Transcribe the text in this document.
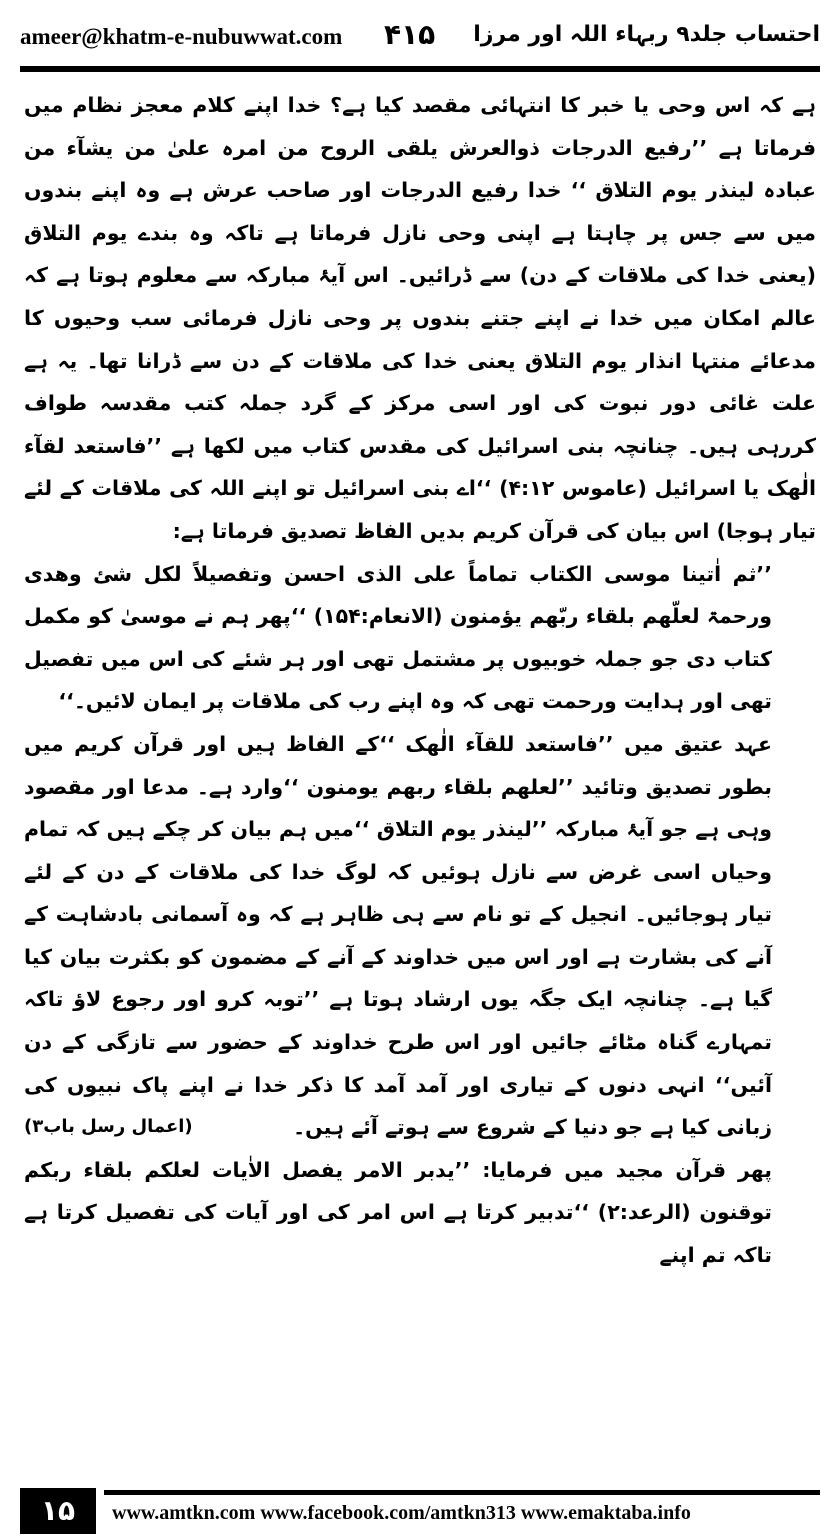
ameer@khatm-e-nubuwwat.com ۴۱۵ احتساب جلد۹ ربہاء اللہ اور مرزا

ہے کہ اس وحی یا خبر کا انتہائی مقصد کیا ہے؟ خدا اپنے کلام معجز نظام میں فرماتا ہے ’’رفیع الدرجات ذوالعرش یلقی الروح من امرہ علیٰ من یشآء من عبادہ لینذر یوم التلاق ‘‘ خدا رفیع الدرجات اور صاحب عرش ہے وہ اپنے بندوں میں سے جس پر چاہتا ہے اپنی وحی نازل فرماتا ہے تاکہ وہ بندے یوم التلاق (یعنی خدا کی ملاقات کے دن) سے ڈرائیں۔ اس آیۂ مبارکہ سے معلوم ہوتا ہے کہ عالم امکان میں خدا نے اپنے جتنے بندوں پر وحی نازل فرمائی سب وحیوں کا مدعائے منتہا انذار یوم التلاق یعنی خدا کی ملاقات کے دن سے ڈرانا تھا۔ یہ ہے علت غائی دور نبوت کی اور اسی مرکز کے گرد جملہ کتب مقدسہ طواف کررہی ہیں۔ چنانچہ بنی اسرائیل کی مقدس کتاب میں لکھا ہے ’’فاستعد لقآء الٰھک یا اسرائیل (عاموس ۴:۱۲) ‘‘اے بنی اسرائیل تو اپنے اللہ کی ملاقات کے لئے تیار ہوجا) اس بیان کی قرآن کریم بدیں الفاظ تصدیق فرماتا ہے:

’’ثم اٰتینا موسی الکتاب تماماً علی الذی احسن وتفصیلاً لکل شئ وھدی ورحمۃ لعلّھم بلقاء ربّھم یؤمنون (الانعام:۱۵۴) ‘‘پھر ہم نے موسیٰ کو مکمل کتاب دی جو جملہ خوبیوں پر مشتمل تھی اور ہر شئے کی اس میں تفصیل تھی اور ہدایت ورحمت تھی کہ وہ اپنے رب کی ملاقات پر ایمان لائیں۔‘‘

عہد عتیق میں ’’فاستعد للقآء الٰھک ‘‘کے الفاظ ہیں اور قرآن کریم میں بطور تصدیق وتائید ’’لعلھم بلقاء ربھم یومنون ‘‘وارد ہے۔ مدعا اور مقصود وہی ہے جو آیۂ مبارکہ ’’لینذر یوم التلاق ‘‘میں ہم بیان کر چکے ہیں کہ تمام وحیاں اسی غرض سے نازل ہوئیں کہ لوگ خدا کی ملاقات کے دن کے لئے تیار ہوجائیں۔ انجیل کے تو نام سے ہی ظاہر ہے کہ وہ آسمانی بادشاہت کے آنے کی بشارت ہے اور اس میں خداوند کے آنے کے مضمون کو بکثرت بیان کیا گیا ہے۔ چنانچہ ایک جگہ یوں ارشاد ہوتا ہے ’’توبہ کرو اور رجوع لاؤ تاکہ تمہارے گناہ مٹائے جائیں اور اس طرح خداوند کے حضور سے تازگی کے دن آئیں‘‘ انہی دنوں کے تیاری اور آمد آمد کا ذکر خدا نے اپنے پاک نبیوں کی زبانی کیا ہے جو دنیا کے شروع سے ہوتے آئے ہیں۔
(اعمال رسل باب۳)

پھر قرآن مجید میں فرمایا: ’’یدبر الامر یفصل الاٰیات لعلکم بلقاء ربکم توقنون (الرعد:۲) ‘‘تدبیر کرتا ہے اس امر کی اور آیات کی تفصیل کرتا ہے تاکہ تم اپنے

۱۵	www.amtkn.com www.facebook.com/amtkn313 www.emaktaba.info
